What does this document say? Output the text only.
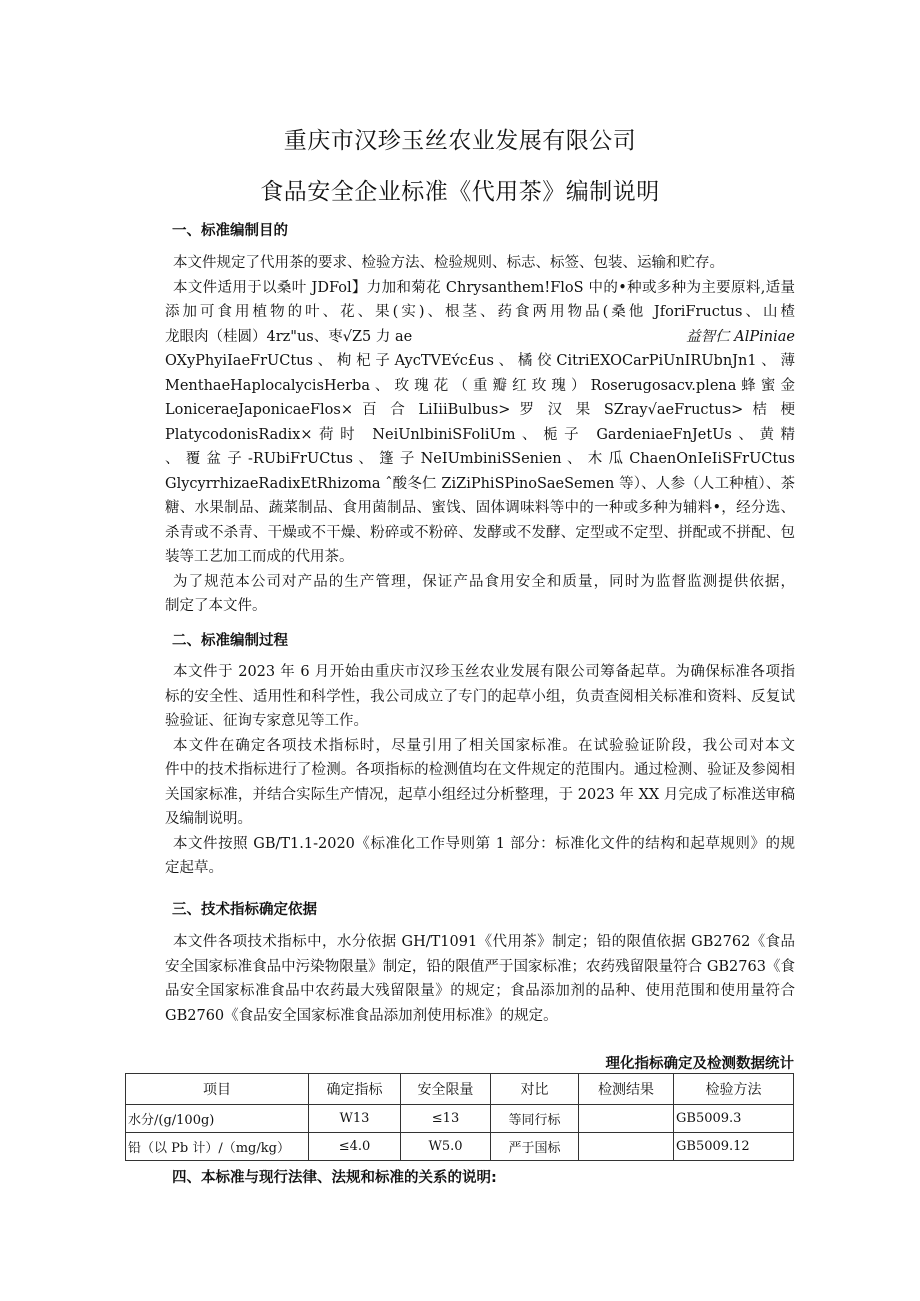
重庆市汉珍玉丝农业发展有限公司
食品安全企业标准《代用茶》编制说明
一、标准编制目的
本文件规定了代用茶的要求、检验方法、检验规则、标志、标签、包装、运输和贮存。
本文件适用于以桑叶 JDFol】力加和菊花 Chrysanthem!FloS 中的•种或多种为主要原料,适量
添加可食用植物的叶、花、果(实)、根茎、药食两用物品(桑他 JforiFructus、山楂
龙眼肉（桂圆）4rz"us、枣√Z5 力 ae	益智仁 AlPiniae
OXyPhyiIaeFrUCtus 、 枸 杞 子 AycTVEv́c£us 、 橘 佼 CitriEXOCarPiUnIRUbnJn1 、 薄
MenthaeHaplocalycisHerba 、 玫 瑰 花 （ 重 瓣 红 玫 瑰 ） Roserugosacv.plena 蜂 蜜 金
LoniceraeJaponicaeFlos× 百 合 LiIiiBulbus> 罗 汉 果 SZray√aeFructus> 桔 梗
PlatycodonisRadix×荷时 NeiUnlbiniSFoliUm、栀子 GardeniaeFnJetUs、黄精
、 覆 盆 子 -RUbiFrUCtus 、 篷 子 NeIUmbiniSSenien 、 木 瓜 ChaenOnIeIiSFrUCtus
GlycyrrhizaeRadixEtRhizoma ˆ酸冬仁 ZiZiPhiSPinoSaeSemen 等）、人参（人工种植）、茶
糖、水果制品、蔬菜制品、食用菌制品、蜜饯、固体调味料等中的一种或多种为辅料•，经分选、
杀青或不杀青、干燥或不干燥、粉碎或不粉碎、发酵或不发酵、定型或不定型、拼配或不拼配、包
装等工艺加工而成的代用茶。
为了规范本公司对产品的生产管理，保证产品食用安全和质量，同时为监督监测提供依据，
制定了本文件。
二、标准编制过程
本文件于 2023 年 6 月开始由重庆市汉珍玉丝农业发展有限公司筹备起草。为确保标准各项指
标的安全性、适用性和科学性，我公司成立了专门的起草小组，负责查阅相关标准和资料、反复试
验验证、征询专家意见等工作。
本文件在确定各项技术指标时，尽量引用了相关国家标准。在试验验证阶段，我公司对本文
件中的技术指标进行了检测。各项指标的检测值均在文件规定的范围内。通过检测、验证及参阅相
关国家标准，并结合实际生产情况，起草小组经过分析整理，于 2023 年 XX 月完成了标准送审稿
及编制说明。
本文件按照 GB/T1.1-2020《标准化工作导则第 1 部分：标准化文件的结构和起草规则》的规
定起草。
三、技术指标确定依据
本文件各项技术指标中，水分依据 GH/T1091《代用茶》制定；铅的限值依据 GB2762《食品
安全国家标准食品中污染物限量》制定，铅的限值严于国家标准；农药残留限量符合 GB2763《食
品安全国家标准食品中农药最大残留限量》的规定；食品添加剂的品种、使用范围和使用量符合
GB2760《食品安全国家标准食品添加剂使用标准》的规定。
理化指标确定及检测数据统计
项目	确定指标	安全限量	对比	检测结果	检验方法
水分/(g/100g)	W13	≤13	等同行标		GB5009.3
铅（以 Pb 计）/（mg/kg）	≤4.0	W5.0	严于国标		GB5009.12
四、本标准与现行法律、法规和标准的关系的说明:
